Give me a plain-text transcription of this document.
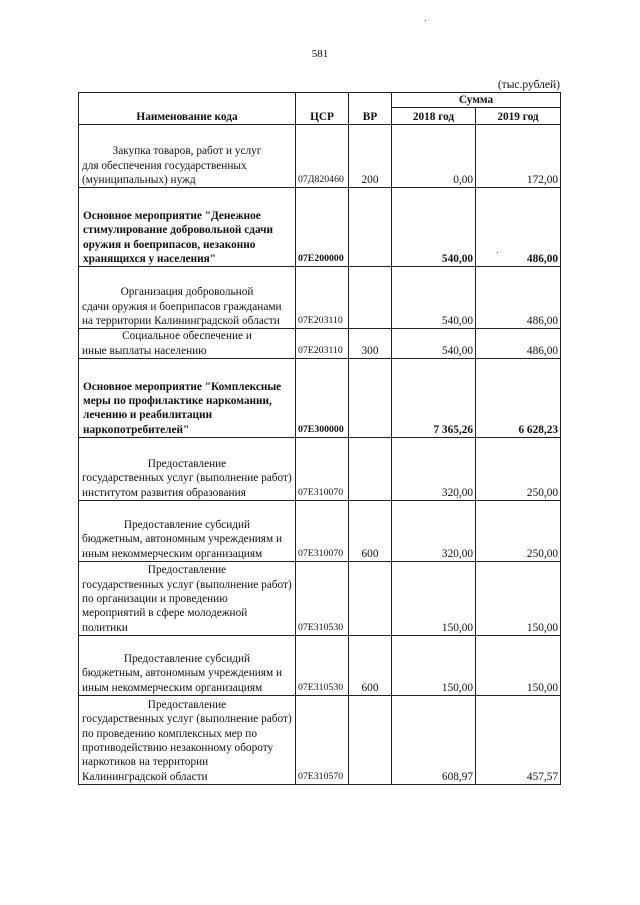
581
(тыс.рублей)
Наименование кода	ЦСР	ВР	Сумма	
			2018 год	2019 год

Закупка товаров, работ и услуг
для обеспечения государственных (муниципальных) нужд	07Д820460	200	0,00	172,00

Основное мероприятие "Денежное стимулирование добровольной сдачи оружия и боеприпасов, незаконно хранящихся у населения"	07Е200000		540,00	486,00

Организация добровольной
сдачи оружия и боеприпасов гражданами на территории Калининградской области	07Е203110		540,00	486,00

Социальное обеспечение и
иные выплаты населению	07Е203110	300	540,00	486,00

Основное мероприятие "Комплексные меры по профилактике наркомании, лечению и реабилитации наркопотребителей"	07Е300000		7 365,26	6 628,23

Предоставление
государственных услуг (выполнение работ) институтом развития образования	07Е310070		320,00	250,00

Предоставление субсидий
бюджетным, автономным учреждениям и иным некоммерческим организациям	07Е310070	600	320,00	250,00

Предоставление
государственных услуг (выполнение работ) по организации и проведению мероприятий в сфере молодежной политики	07Е310530		150,00	150,00

Предоставление субсидий
бюджетным, автономным учреждениям и иным некоммерческим организациям	07Е310530	600	150,00	150,00

Предоставление
государственных услуг (выполнение работ) по проведению комплексных мер по противодействию незаконному обороту наркотиков на территории Калининградской области	07Е310570		608,97	457,57
